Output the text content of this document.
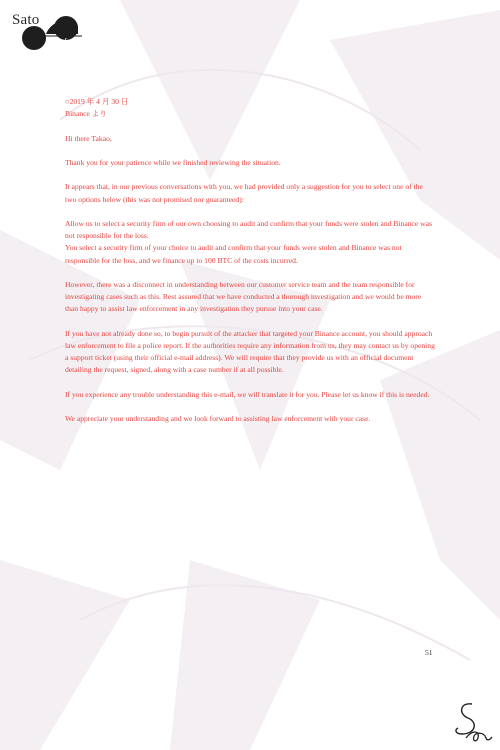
Sato
Proof
○2019 年 4 月 30 日
Binance より

Hi there Takao,

Thank you for your patience while we finished reviewing the situation.

It appears that, in our previous conversations with you, we had provided only a suggestion for you to select one of the two options below (this was not promised nor guaranteed):

Allow us to select a security firm of our own choosing to audit and confirm that your funds were stolen and Binance was not responsible for the loss.

You select a security firm of your choice to audit and confirm that your funds were stolen and Binance was not responsible for the loss, and we finance up to 100 BTC of the costs incurred.

However, there was a disconnect in understanding between our customer service team and the team responsible for investigating cases such as this. Rest assured that we have conducted a thorough investigation and we would be more than happy to assist law enforcement in any investigation they pursue into your case.

If you have not already done so, to begin pursuit of the attacker that targeted your Binance account, you should approach law enforcement to file a police report. If the authorities require any information from us, they may contact us by opening a support ticket (using their official e-mail address). We will require that they provide us with an official document detailing the request, signed, along with a case number if at all possible.

If you experience any trouble understanding this e-mail, we will translate it for you. Please let us know if this is needed.

We appreciate your understanding and we look forward to assisting law enforcement with your case.

51
